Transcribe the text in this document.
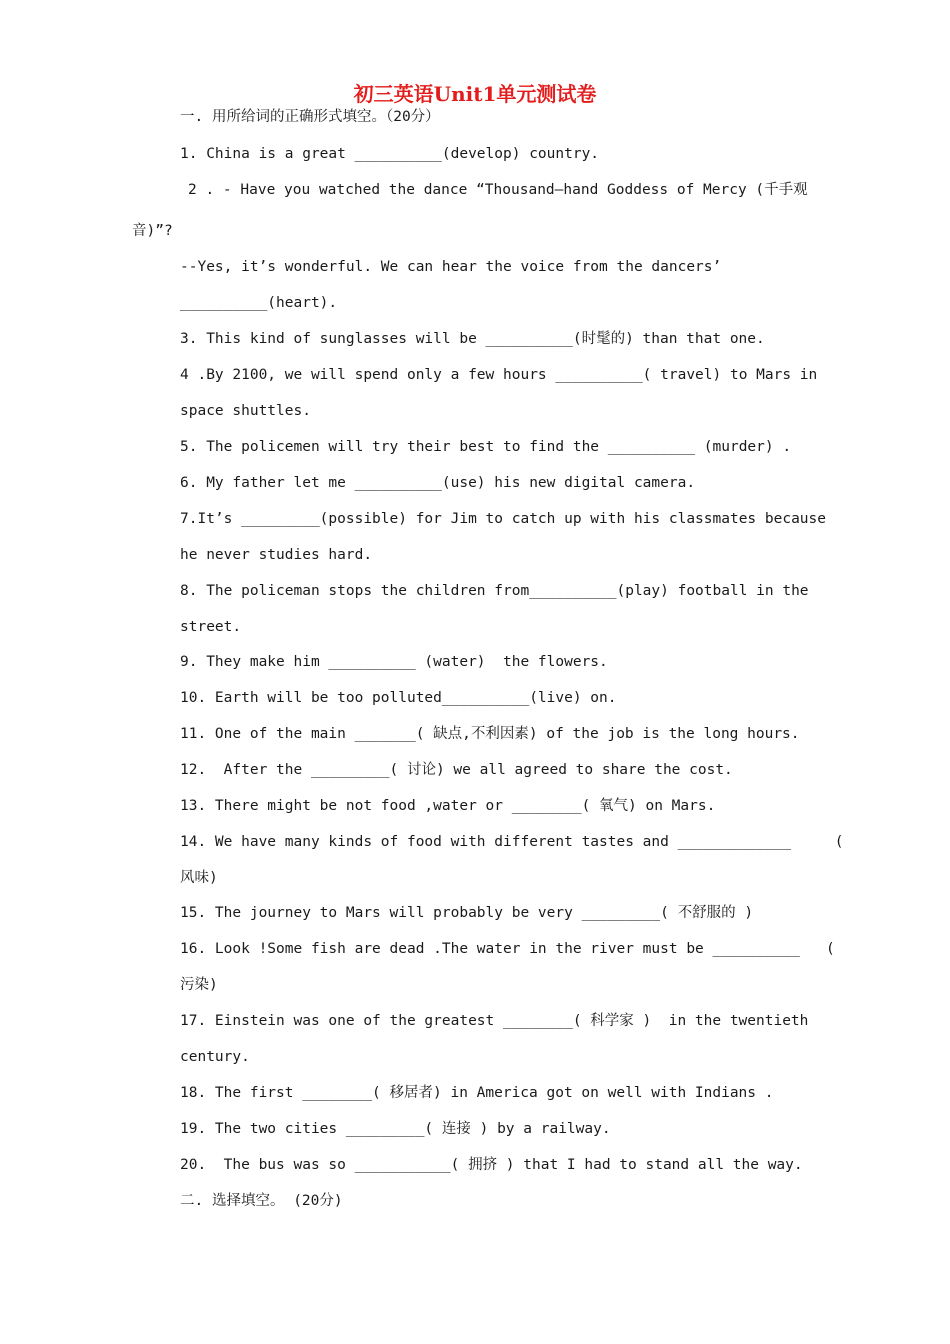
初三英语Unit1单元测试卷
一. 用所给词的正确形式填空。（20分）
1. China is a great __________(develop) country.
2 . - Have you watched the dance “Thousand—hand Goddess of Mercy (千手观
音)”?
--Yes, it’s wonderful. We can hear the voice from the dancers’
__________(heart).
3. This kind of sunglasses will be __________(时髦的) than that one.
4 .By 2100, we will spend only a few hours __________( travel) to Mars in
space shuttles.
5. The policemen will try their best to find the __________ (murder) .
6. My father let me __________(use) his new digital camera.
7.It’s _________(possible) for Jim to catch up with his classmates because
he never studies hard.
8. The policeman stops the children from__________(play) football in the
street.
9. They make him __________ (water)  the flowers.
10. Earth will be too polluted__________(live) on.
11. One of the main _______( 缺点,不利因素) of the job is the long hours.
12.  After the _________( 讨论) we all agreed to share the cost.
13. There might be not food ,water or ________( 氧气) on Mars.
14. We have many kinds of food with different tastes and _____________     (
风味)
15. The journey to Mars will probably be very _________( 不舒服的 )
16. Look !Some fish are dead .The water in the river must be __________   (
污染)
17. Einstein was one of the greatest ________( 科学家 )  in the twentieth
century.
18. The first ________( 移居者) in America got on well with Indians .
19. The two cities _________( 连接 ) by a railway.
20.  The bus was so ___________( 拥挤 ) that I had to stand all the way.
二. 选择填空。 (20分)
